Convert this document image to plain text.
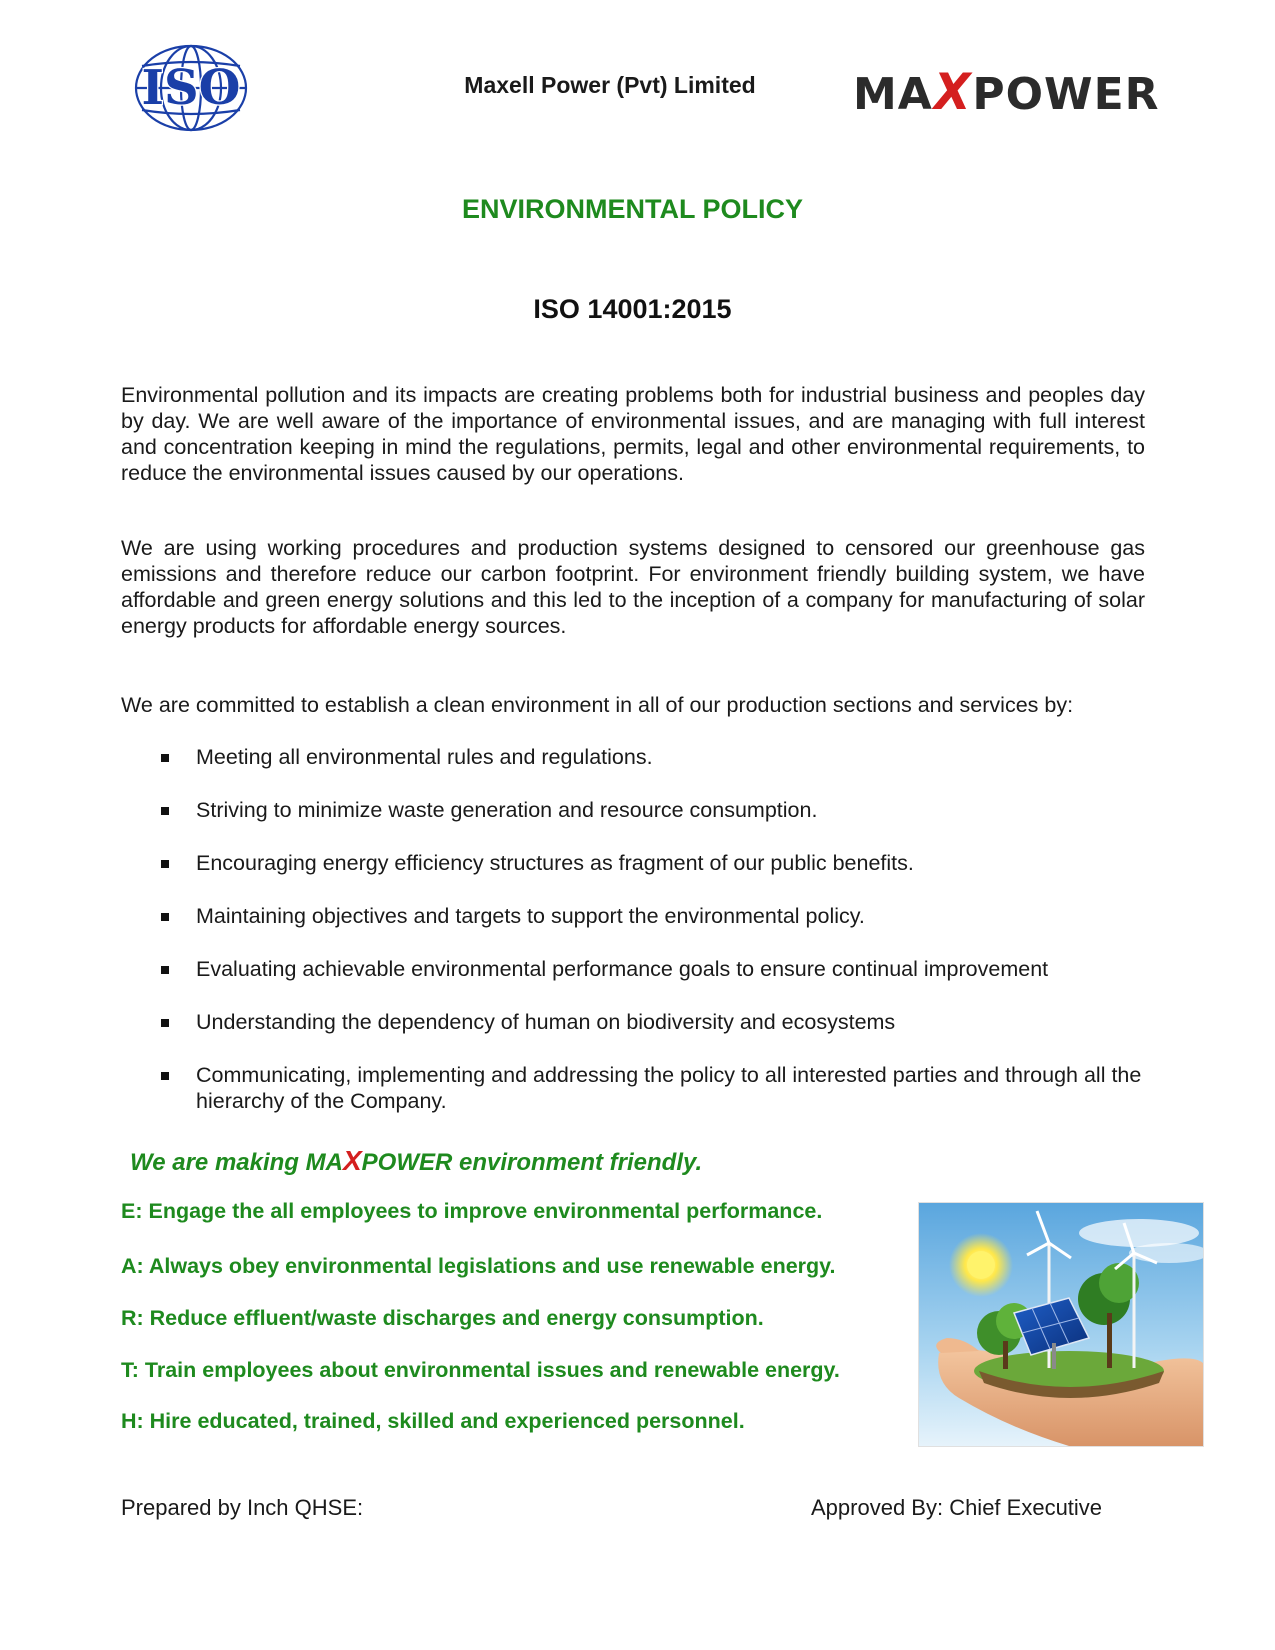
ISO	Maxell Power (Pvt) Limited	MAXPOWER
ENVIRONMENTAL POLICY
ISO 14001:2015
Environmental pollution and its impacts are creating problems both for industrial business and peoples day by day. We are well aware of the importance of environmental issues, and are managing with full interest and concentration keeping in mind the regulations, permits, legal and other environmental requirements, to reduce the environmental issues caused by our operations.
We are using working procedures and production systems designed to censored our greenhouse gas emissions and therefore reduce our carbon footprint. For environment friendly building system, we have affordable and green energy solutions and this led to the inception of a company for manufacturing of solar energy products for affordable energy sources.
We are committed to establish a clean environment in all of our production sections and services by:
Meeting all environmental rules and regulations.
Striving to minimize waste generation and resource consumption.
Encouraging energy efficiency structures as fragment of our public benefits.
Maintaining objectives and targets to support the environmental policy.
Evaluating achievable environmental performance goals to ensure continual improvement
Understanding the dependency of human on biodiversity and ecosystems
Communicating, implementing and addressing the policy to all interested parties and through all the hierarchy of the Company.
We are making MAXPOWER environment friendly.
E: Engage the all employees to improve environmental performance.
A: Always obey environmental legislations and use renewable energy.
R: Reduce effluent/waste discharges and energy consumption.
T: Train employees about environmental issues and renewable energy.
H: Hire educated, trained, skilled and experienced personnel.
Prepared by Inch QHSE:	Approved By: Chief Executive
